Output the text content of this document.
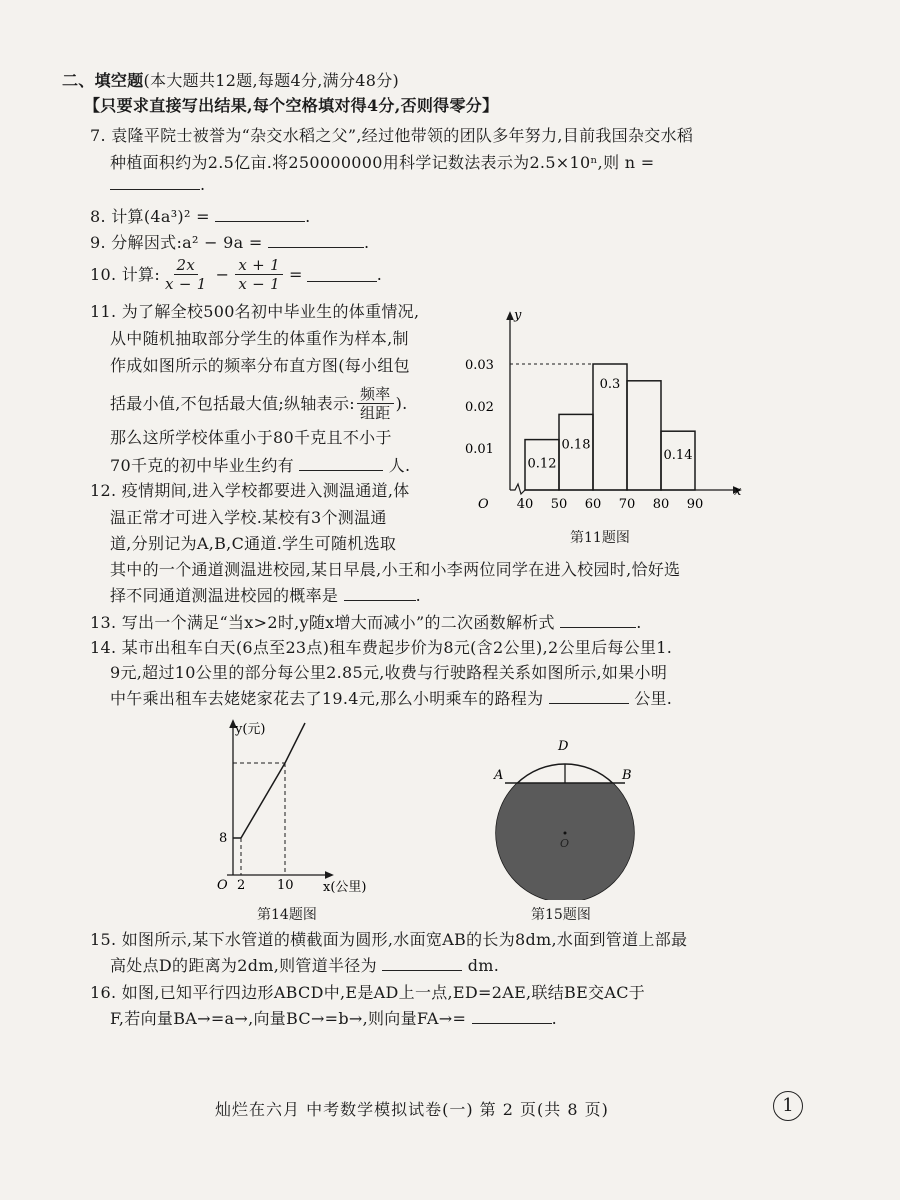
二、填空题(本大题共12题,每题4分,满分48分)
【只要求直接写出结果,每个空格填对得4分,否则得零分】
7. 袁隆平院士被誉为“杂交水稻之父”,经过他带领的团队多年努力,目前我国杂交水稻
种植面积约为2.5亿亩.将250000000用科学记数法表示为2.5×10ⁿ,则 n =
.
8. 计算(4a³)² =	.
9. 分解因式:a² − 9a =	.
10. 计算: $\frac{2x}{x - 1} - \frac{x + 1}{x - 1}$ =	.
11. 为了解全校500名初中毕业生的体重情况,
从中随机抽取部分学生的体重作为样本,制
作成如图所示的频率分布直方图(每小组包
括最小值,不包括最大值;纵轴表示: $\frac{\text{频率}}{\text{组距}}$ ).
那么这所学校体重小于80千克且不小于
70千克的初中毕业生约有	人.	0.12
0.18
0.3
0.14
0.01
0.02
0.03
40 50 60 70 80 90
y
x
O
第11题图
12. 疫情期间,进入学校都要进入测温通道,体
温正常才可进入学校.某校有3个测温通
道,分别记为A,B,C通道.学生可随机选取
其中的一个通道测温进校园,某日早晨,小王和小李两位同学在进入校园时,恰好选
择不同通道测温进校园的概率是	.
13. 写出一个满足“当x>2时,y随x增大而减小”的二次函数解析式	.
14. 某市出租车白天(6点至23点)租车费起步价为8元(含2公里),2公里后每公里1.
9元,超过10公里的部分每公里2.85元,收费与行驶路程关系如图所示,如果小明
中午乘出租车去姥姥家花去了19.4元,那么小明乘车的路程为	公里.
y(元)
x(公里)
O
8
2 10
第14题图
A	B
D
O
第15题图
15. 如图所示,某下水管道的横截面为圆形,水面宽AB的长为8dm,水面到管道上部最
高处点D的距离为2dm,则管道半径为	dm.
16. 如图,已知平行四边形ABCD中,E是AD上一点,ED=2AE,联结BE交AC于
F,若向量BA→=a→,向量BC→=b→,则向量FA→=	.
灿烂在六月 中考数学模拟试卷(一) 第 2 页(共 8 页)	1
